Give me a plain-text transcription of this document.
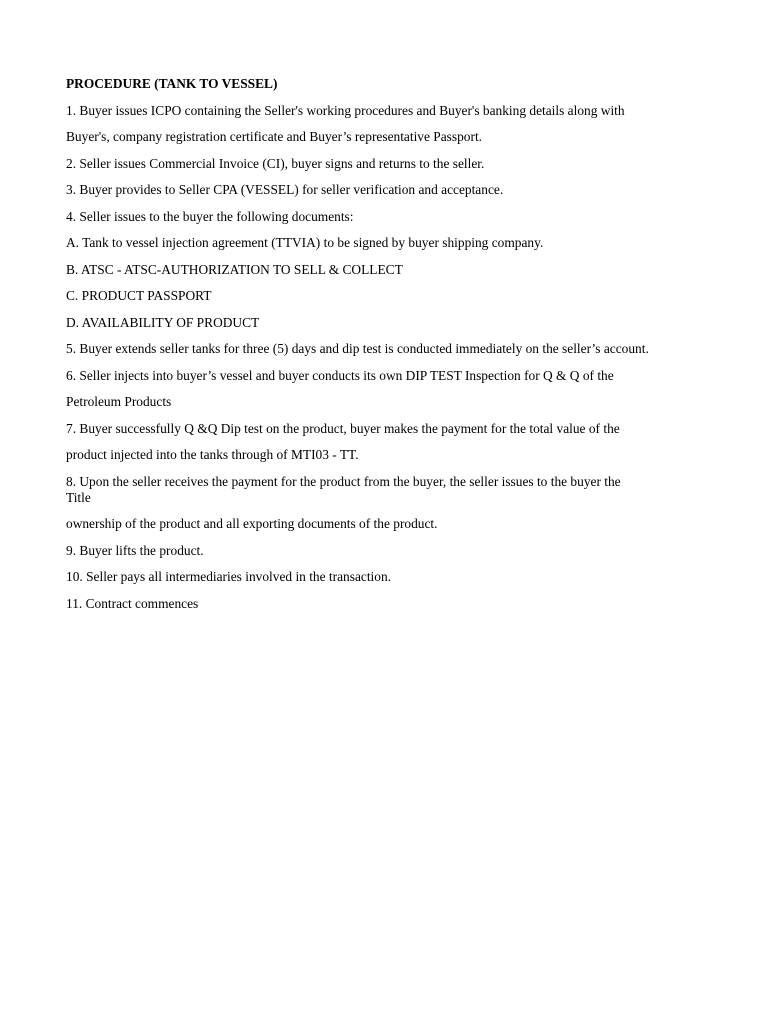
PROCEDURE (TANK TO VESSEL)

1. Buyer issues ICPO containing the Seller's working procedures and Buyer's banking details along with

Buyer's, company registration certificate and Buyer’s representative Passport.

2. Seller issues Commercial Invoice (CI), buyer signs and returns to the seller.

3. Buyer provides to Seller CPA (VESSEL) for seller verification and acceptance.

4. Seller issues to the buyer the following documents:

A. Tank to vessel injection agreement (TTVIA) to be signed by buyer shipping company.

B. ATSC - ATSC-AUTHORIZATION TO SELL & COLLECT

C. PRODUCT PASSPORT

D. AVAILABILITY OF PRODUCT

5. Buyer extends seller tanks for three (5) days and dip test is conducted immediately on the seller’s account.

6. Seller injects into buyer’s vessel and buyer conducts its own DIP TEST Inspection for Q & Q of the

Petroleum Products

7. Buyer successfully Q &Q Dip test on the product, buyer makes the payment for the total value of the

product injected into the tanks through of MTI03 - TT.

8. Upon the seller receives the payment for the product from the buyer, the seller issues to the buyer the

Title

ownership of the product and all exporting documents of the product.

9. Buyer lifts the product.

10. Seller pays all intermediaries involved in the transaction.

11. Contract commences
